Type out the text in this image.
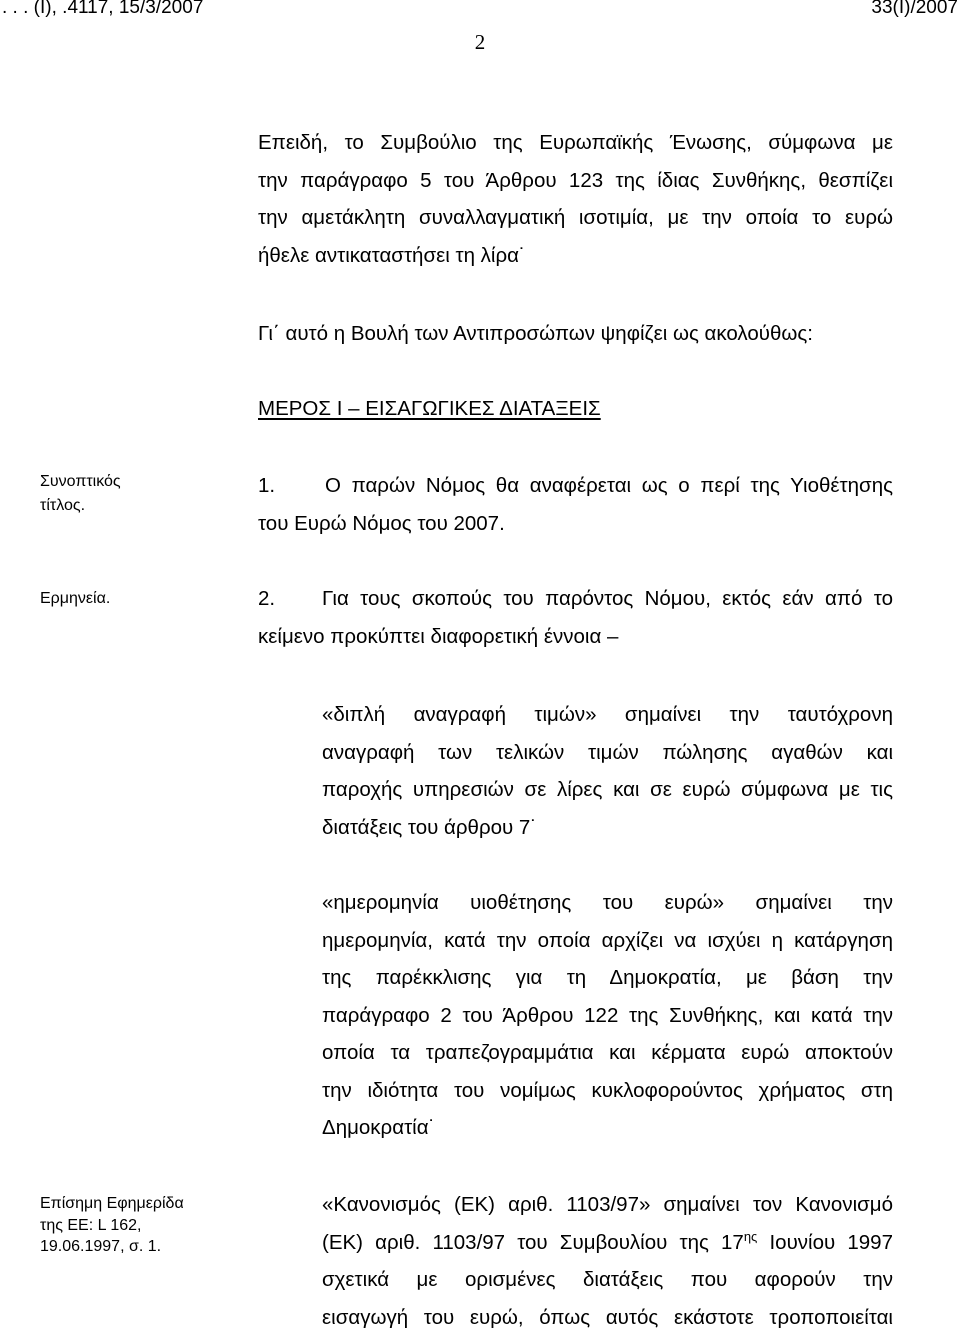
. . . (Ι), .4117, 15/3/2007	33(Ι)/2007
2
Επειδή, το Συμβούλιο της Ευρωπαϊκής Ένωσης, σύμφωνα με
την παράγραφο 5 του Άρθρου 123 της ίδιας Συνθήκης, θεσπίζει
την αμετάκλητη συναλλαγματική ισοτιμία, με την οποία το ευρώ
ήθελε αντικαταστήσει τη λίρα˙
Γι΄ αυτό η Βουλή των Αντιπροσώπων ψηφίζει ως ακολούθως:
ΜΕΡΟΣ Ι – ΕΙΣΑΓΩΓΙΚΕΣ ΔΙΑΤΑΞΕΙΣ
Συνοπτικός
τίτλος.
1.	Ο παρών Νόμος θα αναφέρεται ως ο περί της Υιοθέτησης
του Ευρώ Νόμος του 2007.
Ερμηνεία.	2.	Για τους σκοπούς του παρόντος Νόμου, εκτός εάν από το
κείμενο προκύπτει διαφορετική έννοια –
«διπλή αναγραφή τιμών» σημαίνει την ταυτόχρονη
αναγραφή των τελικών τιμών πώλησης αγαθών και
παροχής υπηρεσιών σε λίρες και σε ευρώ σύμφωνα με τις
διατάξεις του άρθρου 7˙
«ημερομηνία υιοθέτησης του ευρώ» σημαίνει την
ημερομηνία, κατά την οποία αρχίζει να ισχύει η κατάργηση
της παρέκκλισης για τη Δημοκρατία, με βάση την
παράγραφο 2 του Άρθρου 122 της Συνθήκης, και κατά την
οποία τα τραπεζογραμμάτια και κέρματα ευρώ αποκτούν
την ιδιότητα του νομίμως κυκλοφορούντος χρήματος στη
Δημοκρατία˙
Επίσημη Εφημερίδα
της ΕΕ: L 162,
19.06.1997, σ. 1.
«Κανονισμός (ΕΚ) αριθ. 1103/97» σημαίνει τον Κανονισμό
(ΕΚ) αριθ. 1103/97 του Συμβουλίου της $17^{\eta\varsigma}$ Ιουνίου 1997
σχετικά με ορισμένες διατάξεις που αφορούν την
εισαγωγή του ευρώ, όπως αυτός εκάστοτε τροποποιείται
